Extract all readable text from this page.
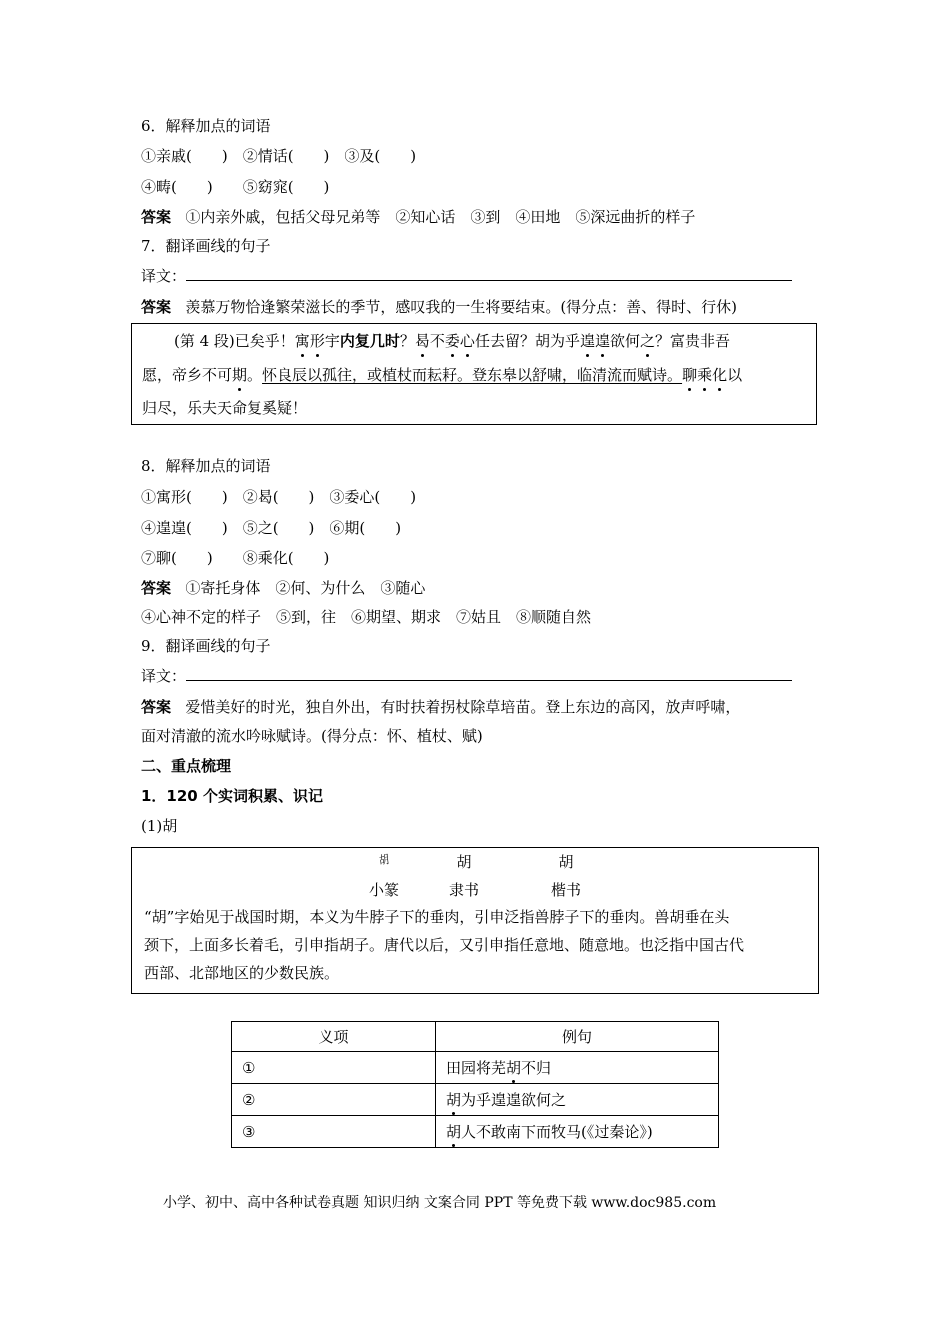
6．解释加点的词语
①亲戚(　　)　②情话(　　)　③及(　　)
④畴(　　)　　⑤窈窕(　　)
答案 ①内亲外戚，包括父母兄弟等　②知心话　③到　④田地　⑤深远曲折的样子
7．翻译画线的句子
译文：
答案 羡慕万物恰逢繁荣滋长的季节，感叹我的一生将要结束。(得分点：善、得时、行休)
(第 4 段)已矣乎！寓形宇内复几时？曷不委心任去留？胡为乎遑遑欲何之？富贵非吾
愿，帝乡不可期。怀良辰以孤往，或植杖而耘耔。登东皋以舒啸，临清流而赋诗。聊乘化以
归尽，乐夫天命复奚疑！
8．解释加点的词语
①寓形(　　)　②曷(　　)　③委心(　　)
④遑遑(　　)　⑤之(　　)　⑥期(　　)
⑦聊(　　)　　⑧乘化(　　)
答案 ①寄托身体　②何、为什么　③随心
④心神不定的样子　⑤到，往　⑥期望、期求　⑦姑且　⑧顺随自然
9．翻译画线的句子
译文：
答案 爱惜美好的时光，独自外出，有时扶着拐杖除草培苗。登上东边的高冈，放声呼啸，
面对清澈的流水吟咏赋诗。(得分点：怀、植杖、赋)
二、重点梳理
1．120 个实词积累、识记
(1)胡
胡	胡	胡
小篆	隶书	楷书
“胡”字始见于战国时期，本义为牛脖子下的垂肉，引申泛指兽脖子下的垂肉。兽胡垂在头
颈下，上面多长着毛，引申指胡子。唐代以后，又引申指任意地、随意地。也泛指中国古代
西部、北部地区的少数民族。
义项	例句
①	田园将芜胡不归
②	胡为乎遑遑欲何之
③	胡人不敢南下而牧马(《过秦论》)
小学、初中、高中各种试卷真题 知识归纳 文案合同 PPT 等免费下载 www.doc985.com
